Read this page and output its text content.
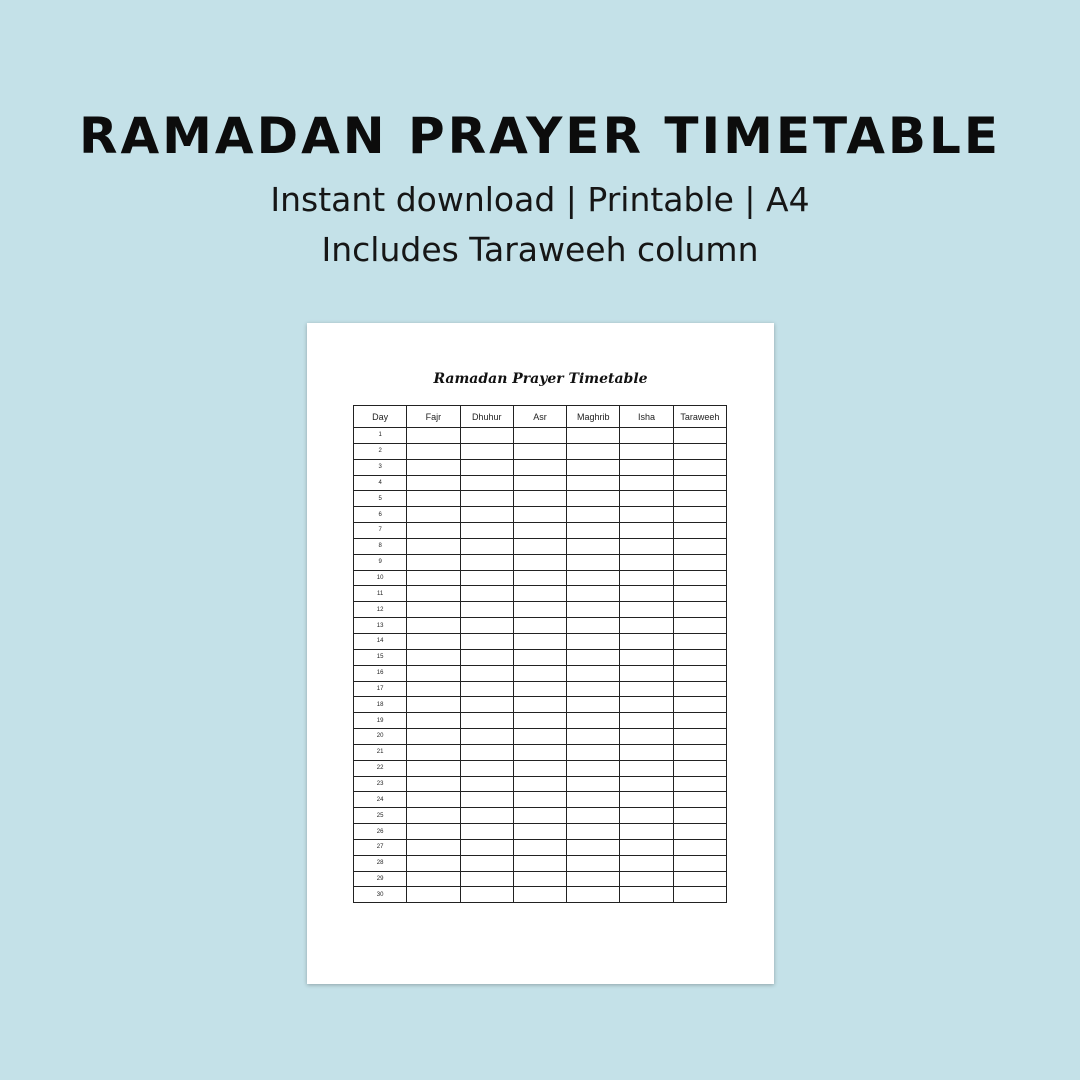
RAMADAN PRAYER TIMETABLE
Instant download | Printable | A4
Includes Taraweeh column
Ramadan Prayer Timetable
Day	Fajr	Dhuhur	Asr	Maghrib	Isha	Taraweeh
1						
2						
3						
4						
5						
6						
7						
8						
9						
10						
11						
12						
13						
14						
15						
16						
17						
18						
19						
20						
21						
22						
23						
24						
25						
26						
27						
28						
29						
30						
